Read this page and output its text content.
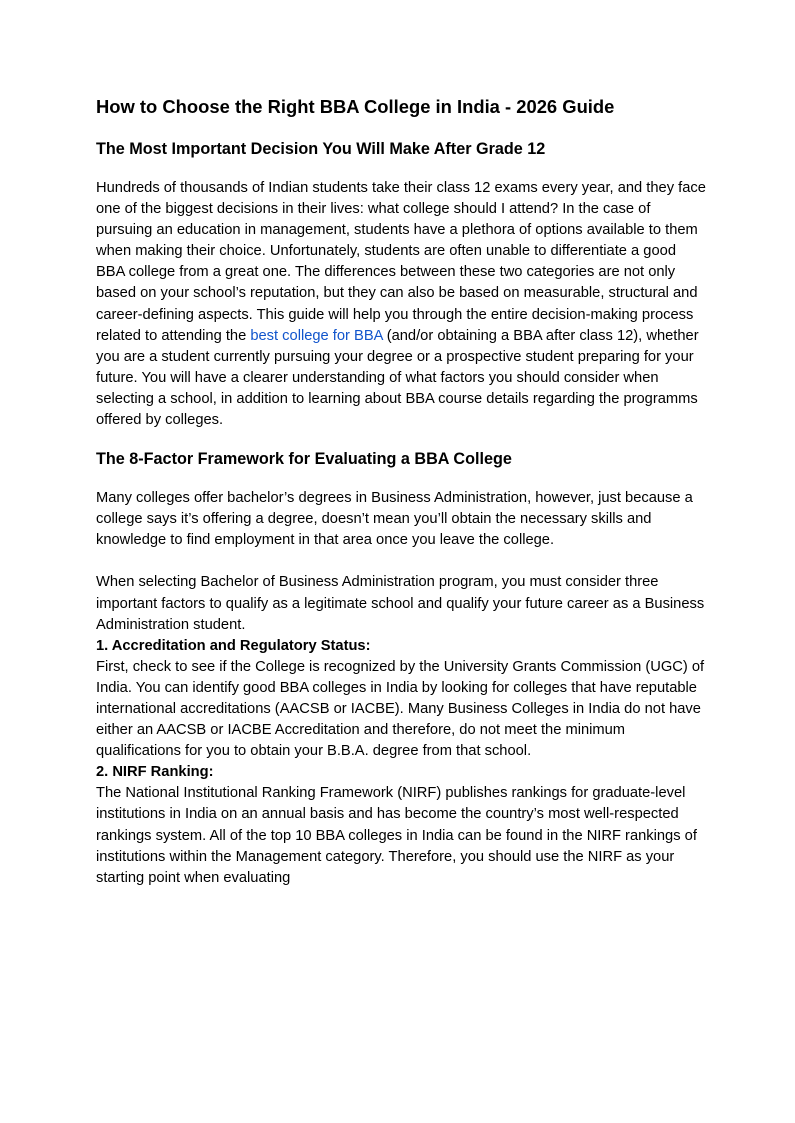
How to Choose the Right BBA College in India - 2026 Guide
The Most Important Decision You Will Make After Grade 12

Hundreds of thousands of Indian students take their class 12 exams every year, and they face one of the biggest decisions in their lives: what college should I attend? In the case of pursuing an education in management, students have a plethora of options available to them when making their choice. Unfortunately, students are often unable to differentiate a good BBA college from a great one. The differences between these two categories are not only based on your school’s reputation, but they can also be based on measurable, structural and career-defining aspects. This guide will help you through the entire decision-making process related to attending the best college for BBA (and/or obtaining a BBA after class 12), whether you are a student currently pursuing your degree or a prospective student preparing for your future. You will have a clearer understanding of what factors you should consider when selecting a school, in addition to learning about BBA course details regarding the programms offered by colleges.

The 8-Factor Framework for Evaluating a BBA College

Many colleges offer bachelor’s degrees in Business Administration, however, just because a college says it’s offering a degree, doesn’t mean you’ll obtain the necessary skills and knowledge to find employment in that area once you leave the college.

When selecting Bachelor of Business Administration program, you must consider three important factors to qualify as a legitimate school and qualify your future career as a Business Administration student.

1. Accreditation and Regulatory Status:

First, check to see if the College is recognized by the University Grants Commission (UGC) of India. You can identify good BBA colleges in India by looking for colleges that have reputable international accreditations (AACSB or IACBE). Many Business Colleges in India do not have either an AACSB or IACBE Accreditation and therefore, do not meet the minimum qualifications for you to obtain your B.B.A. degree from that school.

2. NIRF Ranking:

The National Institutional Ranking Framework (NIRF) publishes rankings for graduate-level institutions in India on an annual basis and has become the country’s most well-respected rankings system. All of the top 10 BBA colleges in India can be found in the NIRF rankings of institutions within the Management category. Therefore, you should use the NIRF as your starting point when evaluating
